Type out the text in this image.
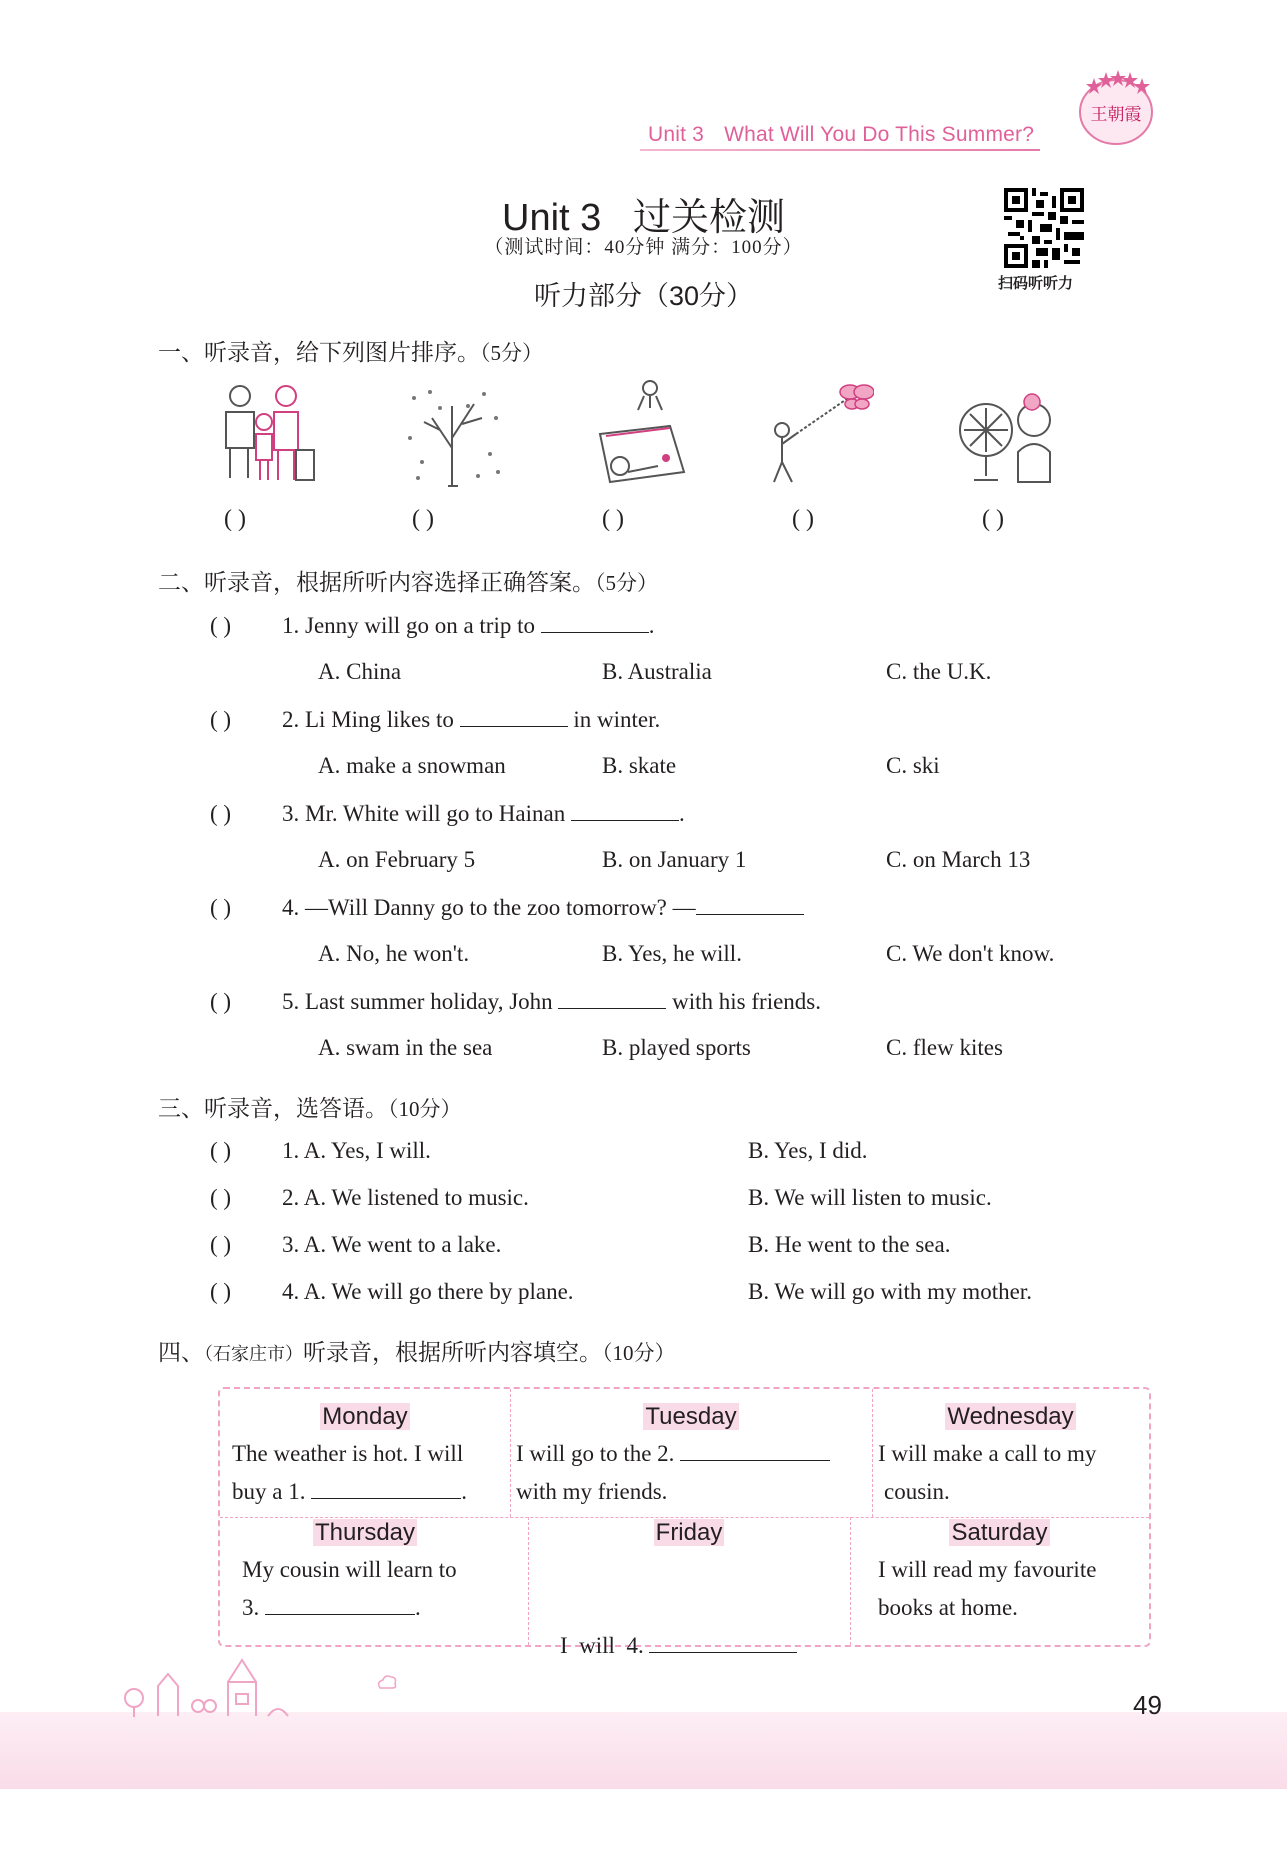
Unit 3 What Will You Do This Summer?
王朝霞
Unit 3   过关检测
（测试时间：40分钟 满分：100分）
听力部分（30分）	扫码听听力
一、听录音，给下列图片排序。（5分）
( )	( )	( )	( )	( )
二、听录音，根据所听内容选择正确答案。（5分）
( ) 1. Jenny will go on a trip to	.
A. China	B. Australia	C. the U.K.
( ) 2. Li Ming likes to	in winter.
A. make a snowman	B. skate	C. ski
( ) 3. Mr. White will go to Hainan	.
A. on February 5	B. on January 1	C. on March 13
( ) 4. —Will Danny go to the zoo tomorrow? —
A. No, he won't.	B. Yes, he will.	C. We don't know.
( ) 5. Last summer holiday, John	with his friends.
A. swam in the sea	B. played sports	C. flew kites
三、听录音，选答语。（10分）
( ) 1. A. Yes, I will.	B. Yes, I did.
( ) 2. A. We listened to music.	B. We will listen to music.
( ) 3. A. We went to a lake.	B. He went to the sea.
( ) 4. A. We will go there by plane.	B. We will go with my mother.
四、（石家庄市）听录音，根据所听内容填空。（10分）
Monday
The weather is hot. I will
buy a 1.	.
Tuesday
I will go to the 2.
with my friends.
Wednesday
I will make a call to my
cousin.
Thursday
My cousin will learn to
3.	.
Friday

I  will  4.

Saturday
I will read my favourite
books at home.
49
